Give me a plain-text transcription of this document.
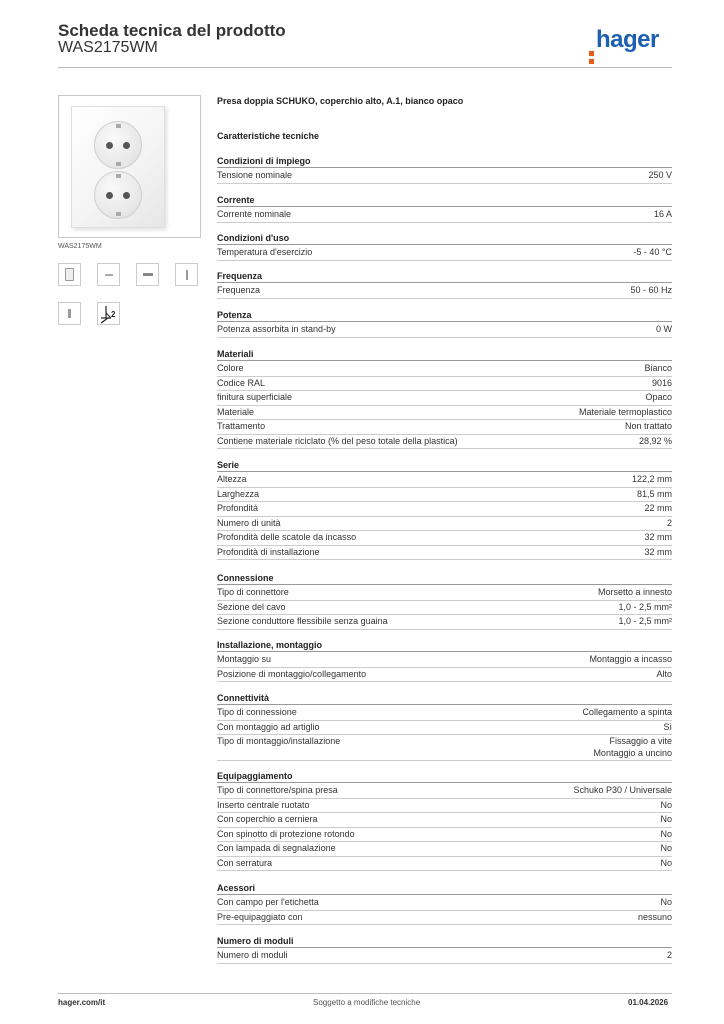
Scheda tecnica del prodotto
WAS2175WM	hager
WAS2175WM
2
Presa doppia SCHUKO, coperchio alto, A.1, bianco opaco
Caratteristiche tecniche
Condizioni di impiego
Tensione nominale	250 V
Corrente
Corrente nominale	16 A
Condizioni d'uso
Temperatura d'esercizio	-5 - 40 °C
Frequenza
Frequenza	50 - 60 Hz
Potenza
Potenza assorbita in stand-by	0 W
Materiali
Colore	Bianco
Codice RAL	9016
finitura superficiale	Opaco
Materiale	Materiale termoplastico
Trattamento	Non trattato
Contiene materiale riciclato (% del peso totale della plastica)	28,92 %
Serie
Altezza	122,2 mm
Larghezza	81,5 mm
Profondità	22 mm
Numero di unità	2
Profondità delle scatole da incasso	32 mm
Profondità di installazione	32 mm
Connessione
Tipo di connettore	Morsetto a innesto
Sezione del cavo	1,0 - 2,5 mm²
Sezione conduttore flessibile senza guaina	1,0 - 2,5 mm²
Installazione, montaggio
Montaggio su	Montaggio a incasso
Posizione di montaggio/collegamento	Alto
Connettività
Tipo di connessione	Collegamento a spinta
Con montaggio ad artiglio	Sì
Tipo di montaggio/installazione	Fissaggio a vite
Montaggio a uncino
Equipaggiamento
Tipo di connettore/spina presa	Schuko P30 / Universale
Inserto centrale ruotato	No
Con coperchio a cerniera	No
Con spinotto di protezione rotondo	No
Con lampada di segnalazione	No
Con serratura	No
Acessori
Con campo per l'etichetta	No
Pre-equipaggiato con	nessuno
Numero di moduli
Numero di moduli	2
hager.com/it	Soggetto a modifiche tecniche	01.04.2026
